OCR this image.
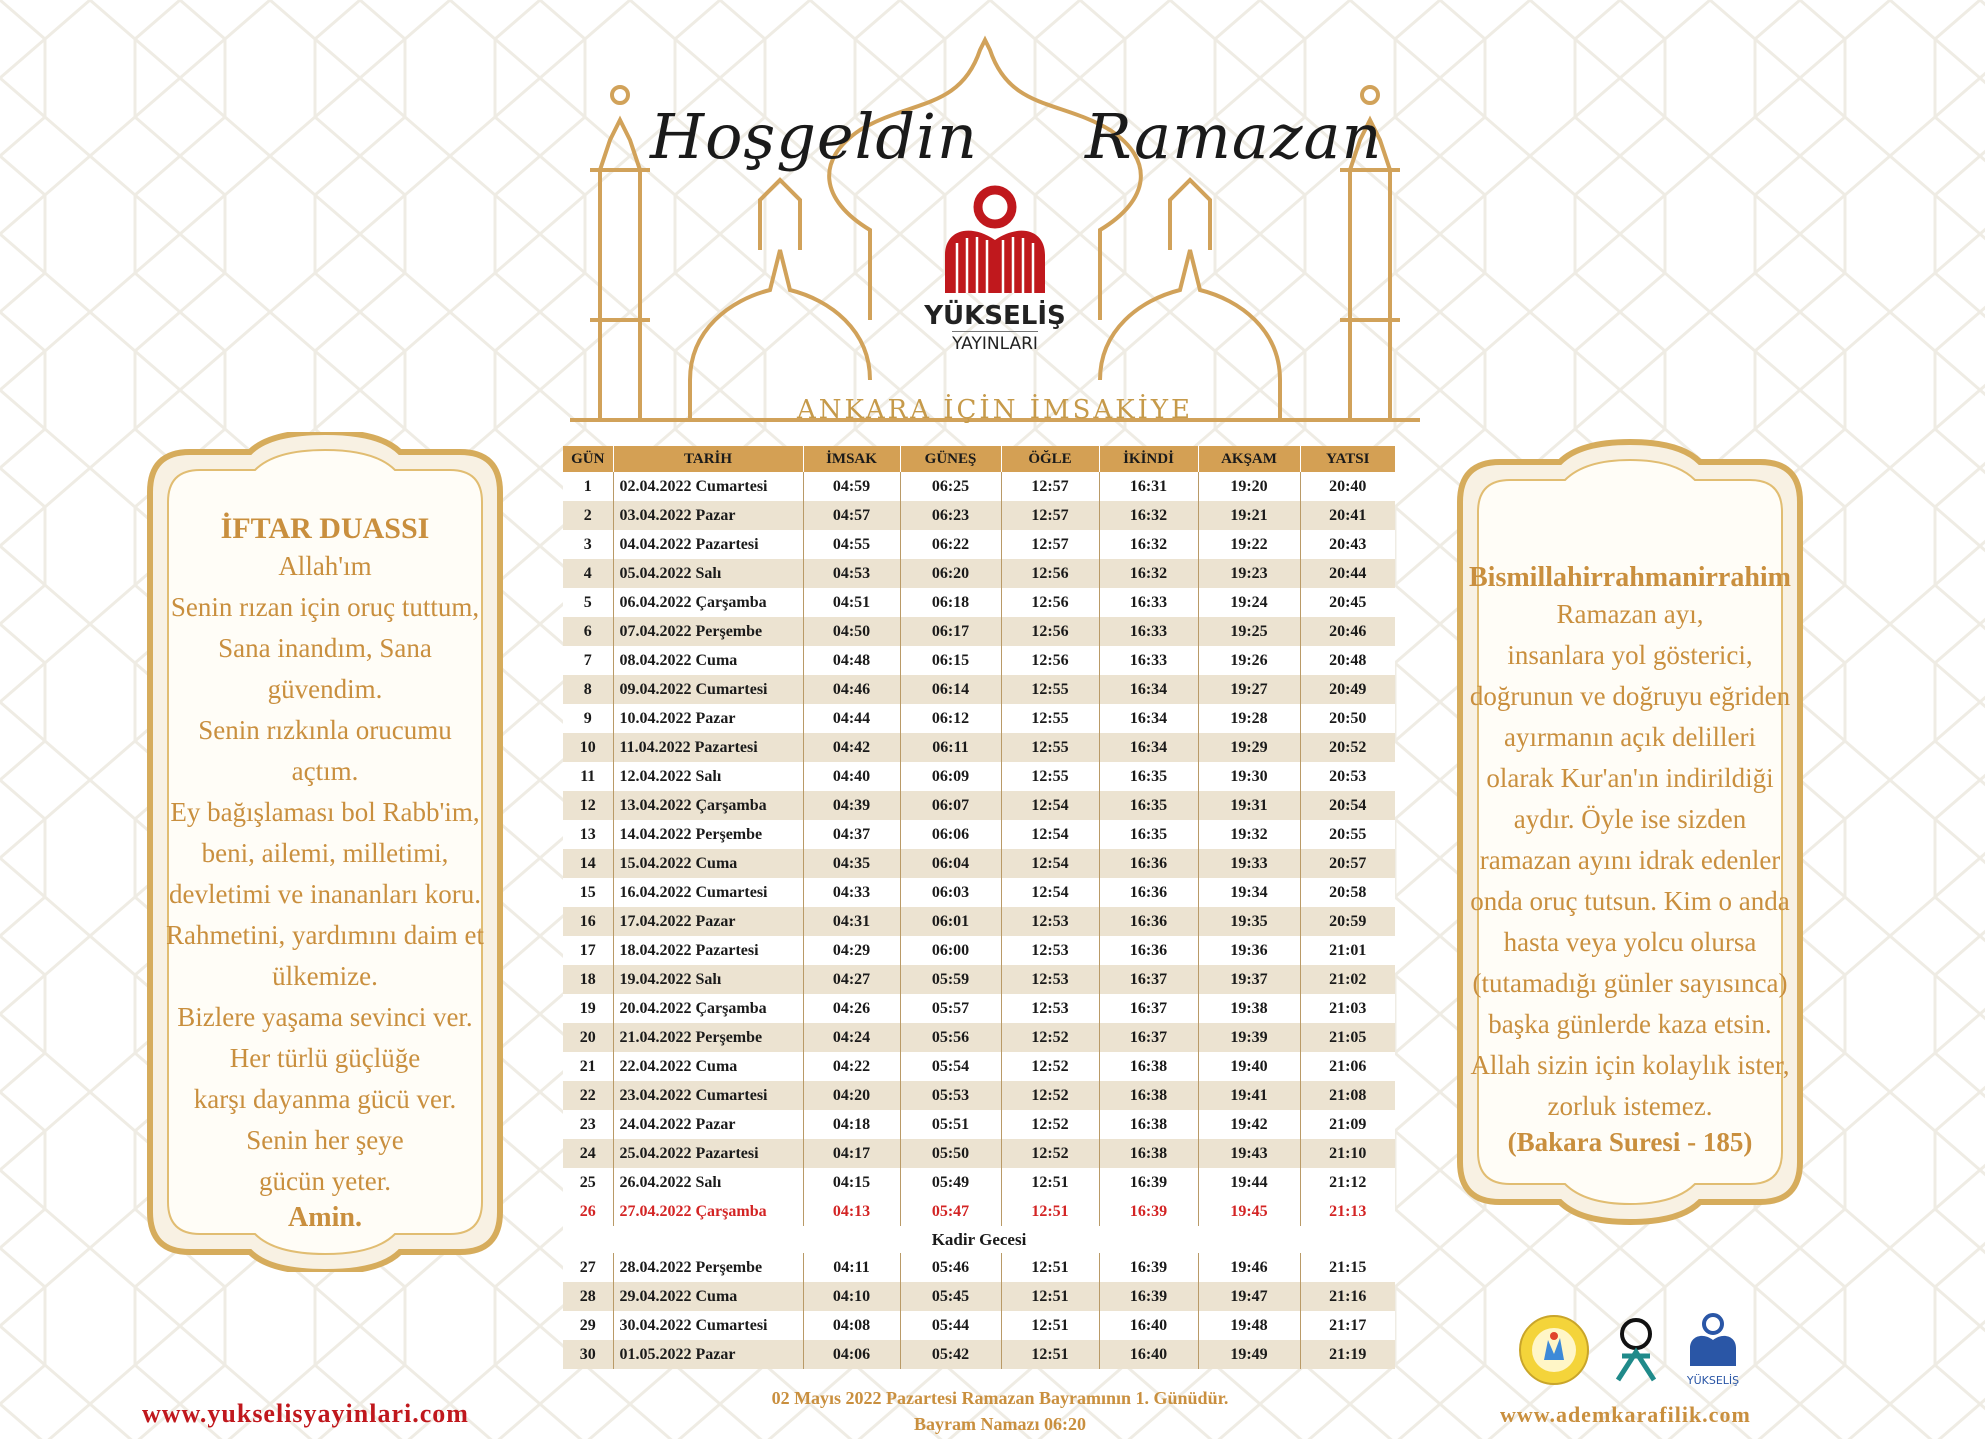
Hoşgeldin Ramazan
YÜKSELİŞ
YAYINLARI
ANKARA İÇİN İMSAKİYE
GÜN	TARİH	İMSAK	GÜNEŞ	ÖĞLE	İKİNDİ	AKŞAM	YATSI
1	02.04.2022 Cumartesi	04:59	06:25	12:57	16:31	19:20	20:40
2	03.04.2022 Pazar	04:57	06:23	12:57	16:32	19:21	20:41
3	04.04.2022 Pazartesi	04:55	06:22	12:57	16:32	19:22	20:43
4	05.04.2022 Salı	04:53	06:20	12:56	16:32	19:23	20:44
5	06.04.2022 Çarşamba	04:51	06:18	12:56	16:33	19:24	20:45
6	07.04.2022 Perşembe	04:50	06:17	12:56	16:33	19:25	20:46
7	08.04.2022 Cuma	04:48	06:15	12:56	16:33	19:26	20:48
8	09.04.2022 Cumartesi	04:46	06:14	12:55	16:34	19:27	20:49
9	10.04.2022 Pazar	04:44	06:12	12:55	16:34	19:28	20:50
10	11.04.2022 Pazartesi	04:42	06:11	12:55	16:34	19:29	20:52
11	12.04.2022 Salı	04:40	06:09	12:55	16:35	19:30	20:53
12	13.04.2022 Çarşamba	04:39	06:07	12:54	16:35	19:31	20:54
13	14.04.2022 Perşembe	04:37	06:06	12:54	16:35	19:32	20:55
14	15.04.2022 Cuma	04:35	06:04	12:54	16:36	19:33	20:57
15	16.04.2022 Cumartesi	04:33	06:03	12:54	16:36	19:34	20:58
16	17.04.2022 Pazar	04:31	06:01	12:53	16:36	19:35	20:59
17	18.04.2022 Pazartesi	04:29	06:00	12:53	16:36	19:36	21:01
18	19.04.2022 Salı	04:27	05:59	12:53	16:37	19:37	21:02
19	20.04.2022 Çarşamba	04:26	05:57	12:53	16:37	19:38	21:03
20	21.04.2022 Perşembe	04:24	05:56	12:52	16:37	19:39	21:05
21	22.04.2022 Cuma	04:22	05:54	12:52	16:38	19:40	21:06
22	23.04.2022 Cumartesi	04:20	05:53	12:52	16:38	19:41	21:08
23	24.04.2022 Pazar	04:18	05:51	12:52	16:38	19:42	21:09
24	25.04.2022 Pazartesi	04:17	05:50	12:52	16:38	19:43	21:10
25	26.04.2022 Salı	04:15	05:49	12:51	16:39	19:44	21:12
26	27.04.2022 Çarşamba	04:13	05:47	12:51	16:39	19:45	21:13
Kadir Gecesi							
27	28.04.2022 Perşembe	04:11	05:46	12:51	16:39	19:46	21:15
28	29.04.2022 Cuma	04:10	05:45	12:51	16:39	19:47	21:16
29	30.04.2022 Cumartesi	04:08	05:44	12:51	16:40	19:48	21:17
30	01.05.2022 Pazar	04:06	05:42	12:51	16:40	19:49	21:19
İFTAR DUASSI
Allah'ım
Senin rızan için oruç tuttum,
Sana inandım, Sana
güvendim.
Senin rızkınla orucumu
açtım.
Ey bağışlaması bol Rabb'im,
beni, ailemi, milletimi,
devletimi ve inananları koru.
Rahmetini, yardımını daim et
ülkemize.
Bizlere yaşama sevinci ver.
Her türlü güçlüğe
karşı dayanma gücü ver.
Senin her şeye
gücün yeter.
Amin.
Bismillahirrahmanirrahim
Ramazan ayı,
insanlara yol gösterici,
doğrunun ve doğruyu eğriden
ayırmanın açık delilleri
olarak Kur'an'ın indirildiği
aydır. Öyle ise sizden
ramazan ayını idrak edenler
onda oruç tutsun. Kim o anda
hasta veya yolcu olursa
(tutamadığı günler sayısınca)
başka günlerde kaza etsin.
Allah sizin için kolaylık ister,
zorluk istemez.
(Bakara Suresi - 185)
www.yukselisyayinlari.com
02 Mayıs 2022 Pazartesi Ramazan Bayramının 1. Günüdür.
Bayram Namazı 06:20	www.ademkarafilik.com
YÜKSELİŞ
